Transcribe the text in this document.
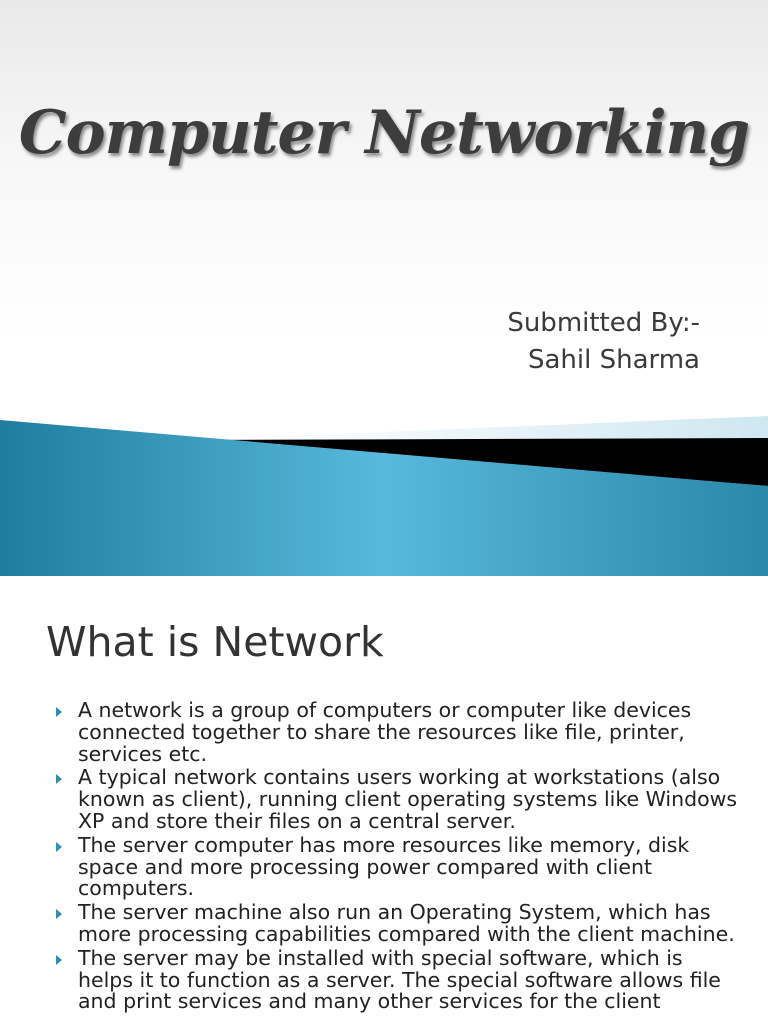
Computer Networking
Submitted By:-
Sahil Sharma
What is Network
A network is a group of computers or computer like devices connected together to share the resources like file, printer, services etc.
A typical network contains users working at workstations (also known as client), running client operating systems like Windows XP and store their files on a central server.
The server computer has more resources like memory, disk space and more processing power compared with client computers.
The server machine also run an Operating System, which has more processing capabilities compared with the client machine.
The server may be installed with special software, which is helps it to function as a server. The special software allows file and print services and many other services for the client
